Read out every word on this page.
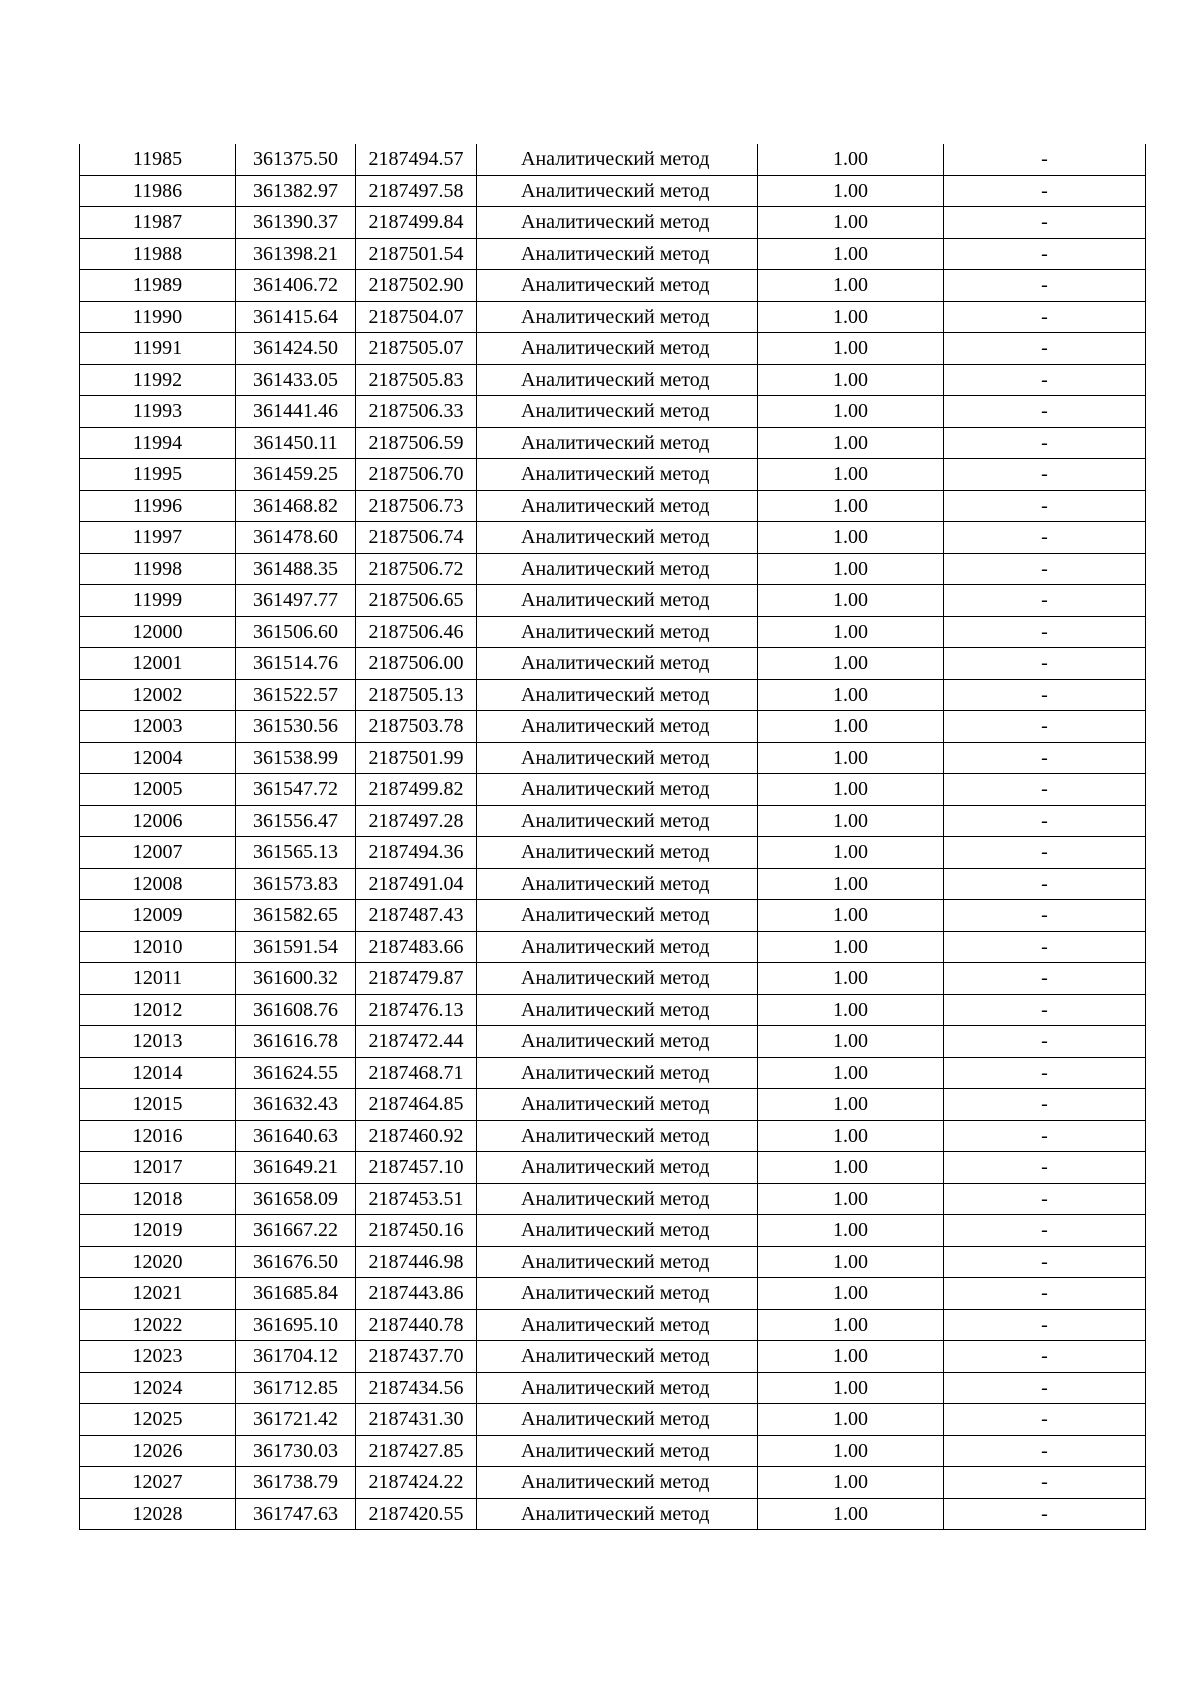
11985	361375.50	2187494.57	Аналитический метод	1.00	-
11986	361382.97	2187497.58	Аналитический метод	1.00	-
11987	361390.37	2187499.84	Аналитический метод	1.00	-
11988	361398.21	2187501.54	Аналитический метод	1.00	-
11989	361406.72	2187502.90	Аналитический метод	1.00	-
11990	361415.64	2187504.07	Аналитический метод	1.00	-
11991	361424.50	2187505.07	Аналитический метод	1.00	-
11992	361433.05	2187505.83	Аналитический метод	1.00	-
11993	361441.46	2187506.33	Аналитический метод	1.00	-
11994	361450.11	2187506.59	Аналитический метод	1.00	-
11995	361459.25	2187506.70	Аналитический метод	1.00	-
11996	361468.82	2187506.73	Аналитический метод	1.00	-
11997	361478.60	2187506.74	Аналитический метод	1.00	-
11998	361488.35	2187506.72	Аналитический метод	1.00	-
11999	361497.77	2187506.65	Аналитический метод	1.00	-
12000	361506.60	2187506.46	Аналитический метод	1.00	-
12001	361514.76	2187506.00	Аналитический метод	1.00	-
12002	361522.57	2187505.13	Аналитический метод	1.00	-
12003	361530.56	2187503.78	Аналитический метод	1.00	-
12004	361538.99	2187501.99	Аналитический метод	1.00	-
12005	361547.72	2187499.82	Аналитический метод	1.00	-
12006	361556.47	2187497.28	Аналитический метод	1.00	-
12007	361565.13	2187494.36	Аналитический метод	1.00	-
12008	361573.83	2187491.04	Аналитический метод	1.00	-
12009	361582.65	2187487.43	Аналитический метод	1.00	-
12010	361591.54	2187483.66	Аналитический метод	1.00	-
12011	361600.32	2187479.87	Аналитический метод	1.00	-
12012	361608.76	2187476.13	Аналитический метод	1.00	-
12013	361616.78	2187472.44	Аналитический метод	1.00	-
12014	361624.55	2187468.71	Аналитический метод	1.00	-
12015	361632.43	2187464.85	Аналитический метод	1.00	-
12016	361640.63	2187460.92	Аналитический метод	1.00	-
12017	361649.21	2187457.10	Аналитический метод	1.00	-
12018	361658.09	2187453.51	Аналитический метод	1.00	-
12019	361667.22	2187450.16	Аналитический метод	1.00	-
12020	361676.50	2187446.98	Аналитический метод	1.00	-
12021	361685.84	2187443.86	Аналитический метод	1.00	-
12022	361695.10	2187440.78	Аналитический метод	1.00	-
12023	361704.12	2187437.70	Аналитический метод	1.00	-
12024	361712.85	2187434.56	Аналитический метод	1.00	-
12025	361721.42	2187431.30	Аналитический метод	1.00	-
12026	361730.03	2187427.85	Аналитический метод	1.00	-
12027	361738.79	2187424.22	Аналитический метод	1.00	-
12028	361747.63	2187420.55	Аналитический метод	1.00	-
